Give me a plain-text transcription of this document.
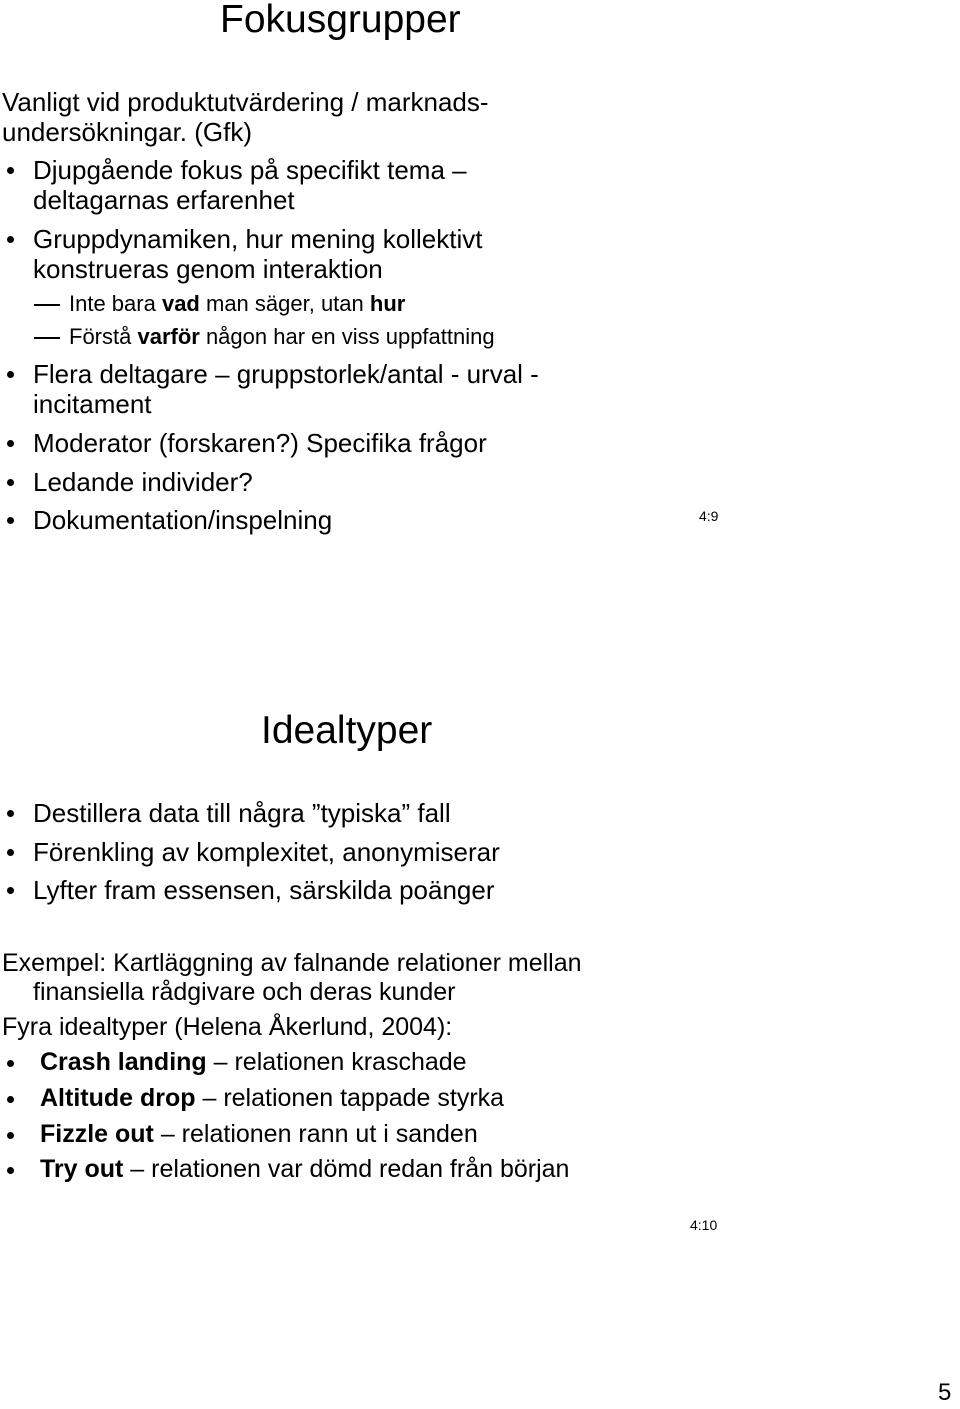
Fokusgrupper
Vanligt vid produktutvärdering / marknads-
undersökningar. (Gfk)
Djupgående fokus på specifikt tema –
deltagarnas erfarenhet
Gruppdynamiken, hur mening kollektivt
konstrueras genom interaktion
Inte bara vad man säger, utan hur
Förstå varför någon har en viss uppfattning
Flera deltagare – gruppstorlek/antal - urval -
incitament
Moderator (forskaren?) Specifika frågor
Ledande individer?
Dokumentation/inspelning	4:9
Idealtyper
Destillera data till några ”typiska” fall
Förenkling av komplexitet, anonymiserar
Lyfter fram essensen, särskilda poänger
Exempel: Kartläggning av falnande relationer mellan
finansiella rådgivare och deras kunder
Fyra idealtyper (Helena Åkerlund, 2004):
Crash landing – relationen kraschade
Altitude drop – relationen tappade styrka
Fizzle out – relationen rann ut i sanden
Try out – relationen var dömd redan från början
4:10
5
